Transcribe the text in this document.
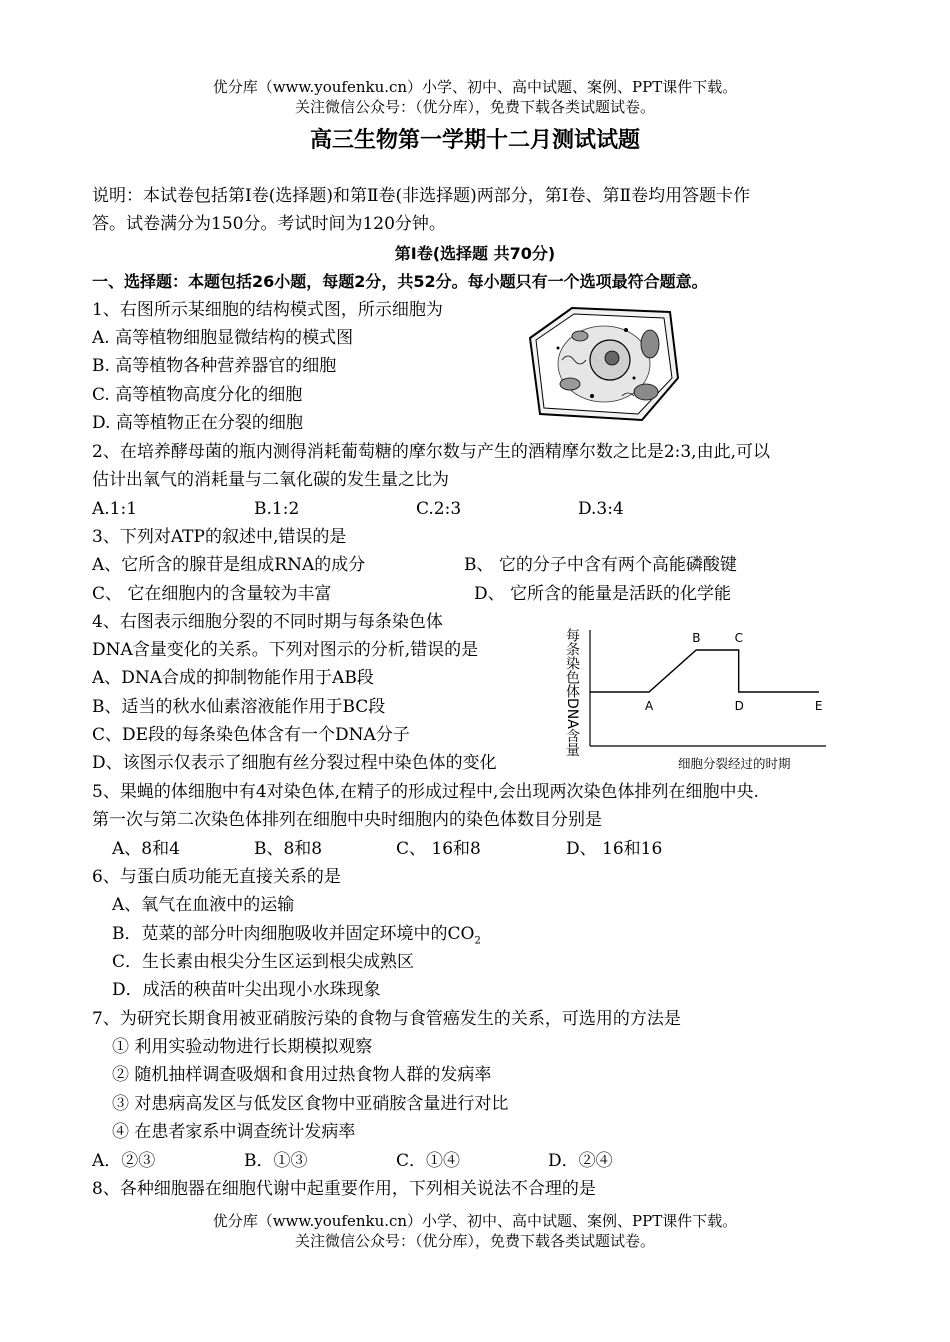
优分库（www.youfenku.cn）小学、初中、高中试题、案例、PPT课件下载。
关注微信公众号：（优分库），免费下载各类试题试卷。
高三生物第一学期十二月测试试题
说明：本试卷包括第Ⅰ卷(选择题)和第Ⅱ卷(非选择题)两部分，第Ⅰ卷、第Ⅱ卷均用答题卡作
答。试卷满分为150分。考试时间为120分钟。
第Ⅰ卷(选择题 共70分)
一、选择题：本题包括26小题，每题2分，共52分。每小题只有一个选项最符合题意。
1、右图所示某细胞的结构模式图，所示细胞为
A. 高等植物细胞显微结构的模式图
B. 高等植物各种营养器官的细胞
C. 高等植物高度分化的细胞
D. 高等植物正在分裂的细胞
2、在培养酵母菌的瓶内测得消耗葡萄糖的摩尔数与产生的酒精摩尔数之比是2:3,由此,可以
估计出氧气的消耗量与二氧化碳的发生量之比为
A.1:1	B.1:2	C.2:3	D.3:4
3、下列对ATP的叙述中,错误的是
A、它所含的腺苷是组成RNA的成分	B、 它的分子中含有两个高能磷酸键
C、 它在细胞内的含量较为丰富	D、 它所含的能量是活跃的化学能
4、右图表示细胞分裂的不同时期与每条染色体
DNA含量变化的关系。下列对图示的分析,错误的是
A、DNA合成的抑制物能作用于AB段
B、适当的秋水仙素溶液能作用于BC段
C、DE段的每条染色体含有一个DNA分子
D、该图示仅表示了细胞有丝分裂过程中染色体的变化
每条染色体DNA含量
细胞分裂经过的时期
A
B	C
D	E
5、果蝇的体细胞中有4对染色体,在精子的形成过程中,会出现两次染色体排列在细胞中央.
第一次与第二次染色体排列在细胞中央时细胞内的染色体数目分别是
A、8和4	B、8和8	C、 16和8	D、 16和16
6、与蛋白质功能无直接关系的是
A、氧气在血液中的运输
B．苋菜的部分叶肉细胞吸收并固定环境中的$CO_2$
C．生长素由根尖分生区运到根尖成熟区
D．成活的秧苗叶尖出现小水珠现象
7、为研究长期食用被亚硝胺污染的食物与食管癌发生的关系，可选用的方法是
① 利用实验动物进行长期模拟观察
② 随机抽样调查吸烟和食用过热食物人群的发病率
③ 对患病高发区与低发区食物中亚硝胺含量进行对比
④ 在患者家系中调查统计发病率
A．②③	B．①③	C．①④	D．②④
8、各种细胞器在细胞代谢中起重要作用，下列相关说法不合理的是
优分库（www.youfenku.cn）小学、初中、高中试题、案例、PPT课件下载。
关注微信公众号：（优分库），免费下载各类试题试卷。
